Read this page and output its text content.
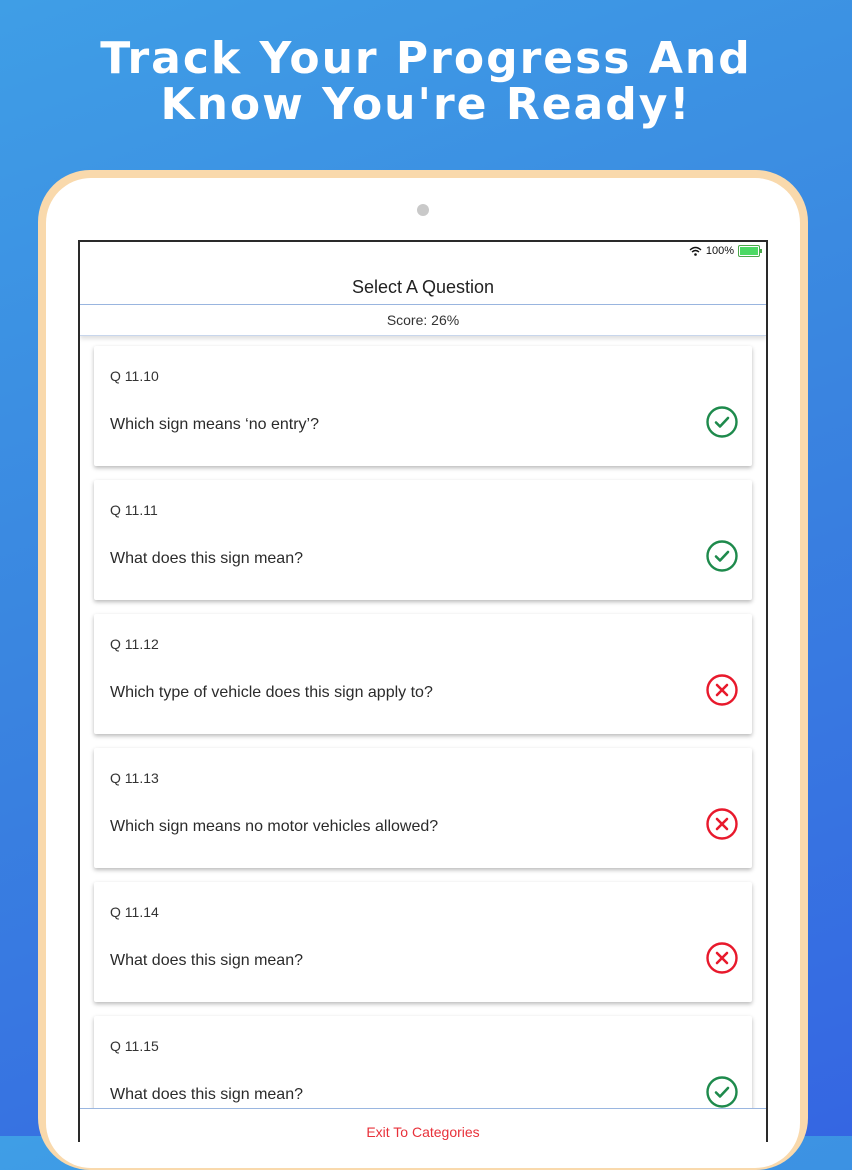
Track Your Progress And
Know You're Ready!
100%
Select A Question
Score: 26%
Q 11.10
Which sign means ‘no entry’?
Q 11.11
What does this sign mean?
Q 11.12
Which type of vehicle does this sign apply to?
Q 11.13
Which sign means no motor vehicles allowed?
Q 11.14
What does this sign mean?
Q 11.15
What does this sign mean?
Exit To Categories
